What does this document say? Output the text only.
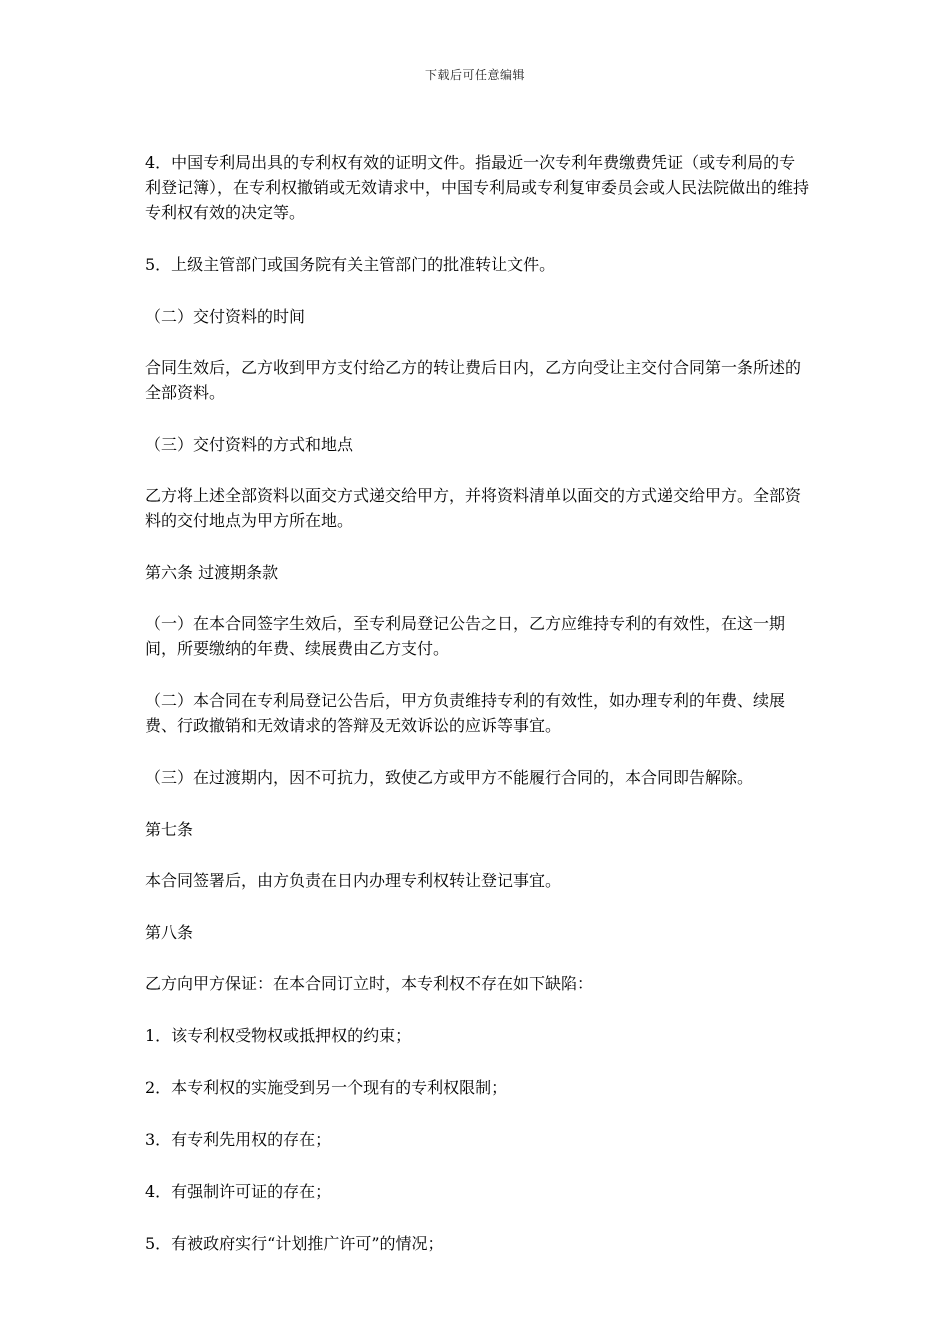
下载后可任意编辑

4．中国专利局出具的专利权有效的证明文件。指最近一次专利年费缴费凭证（或专利局的专利登记簿），在专利权撤销或无效请求中，中国专利局或专利复审委员会或人民法院做出的维持专利权有效的决定等。

5．上级主管部门或国务院有关主管部门的批准转让文件。

（二）交付资料的时间

合同生效后，乙方收到甲方支付给乙方的转让费后日内，乙方向受让主交付合同第一条所述的全部资料。

（三）交付资料的方式和地点

乙方将上述全部资料以面交方式递交给甲方，并将资料清单以面交的方式递交给甲方。全部资料的交付地点为甲方所在地。

第六条 过渡期条款

（一）在本合同签字生效后，至专利局登记公告之日，乙方应维持专利的有效性，在这一期间，所要缴纳的年费、续展费由乙方支付。

（二）本合同在专利局登记公告后，甲方负责维持专利的有效性，如办理专利的年费、续展费、行政撤销和无效请求的答辩及无效诉讼的应诉等事宜。

（三）在过渡期内，因不可抗力，致使乙方或甲方不能履行合同的，本合同即告解除。

第七条

本合同签署后，由方负责在日内办理专利权转让登记事宜。

第八条

乙方向甲方保证：在本合同订立时，本专利权不存在如下缺陷：

1．该专利权受物权或抵押权的约束；

2．本专利权的实施受到另一个现有的专利权限制；

3．有专利先用权的存在；

4．有强制许可证的存在；

5．有被政府实行“计划推广许可”的情况；
